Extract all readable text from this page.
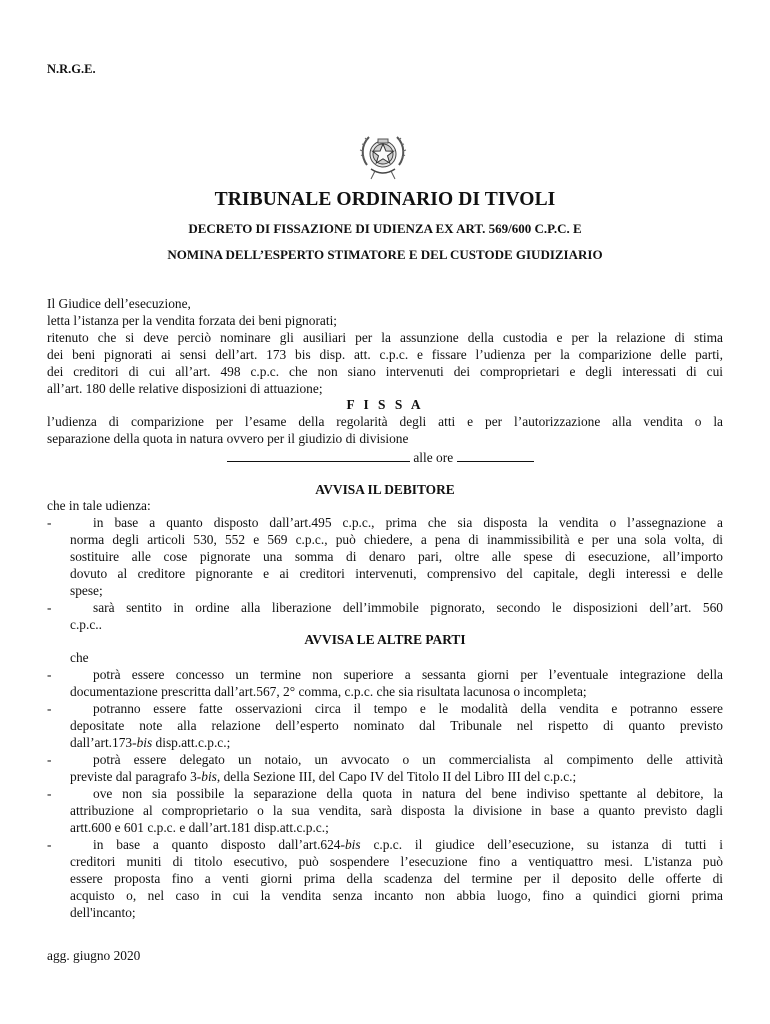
N.R.G.E.
TRIBUNALE ORDINARIO DI TIVOLI
DECRETO DI FISSAZIONE DI UDIENZA EX ART. 569/600 C.P.C. E
NOMINA DELL’ESPERTO STIMATORE E DEL CUSTODE GIUDIZIARIO
Il Giudice dell’esecuzione,
letta l’istanza per la vendita forzata dei beni pignorati;
ritenuto che si deve perciò nominare gli ausiliari per la assunzione della custodia e per la relazione di stima
dei beni pignorati ai sensi dell’art. 173 bis disp. att. c.p.c. e fissare l’udienza per la comparizione delle parti,
dei creditori di cui all’art. 498 c.p.c. che non siano intervenuti dei comproprietari e degli interessati di cui
all’art. 180 delle relative disposizioni di attuazione;
F I S S A
l’udienza di comparizione per l’esame della regolarità degli atti e per l’autorizzazione alla vendita o la
separazione della quota in natura ovvero per il giudizio di divisione
alle ore
AVVISA IL DEBITORE
che in tale udienza:
-	in base a quanto disposto dall’art.495 c.p.c., prima che sia disposta la vendita o l’assegnazione a
norma degli articoli 530, 552 e 569 c.p.c., può chiedere, a pena di inammissibilità e per una sola volta, di
sostituire alle cose pignorate una somma di denaro pari, oltre alle spese di esecuzione, all’importo
dovuto al creditore pignorante e ai creditori intervenuti, comprensivo del capitale, degli interessi e delle
spese;
-	sarà sentito in ordine alla liberazione dell’immobile pignorato, secondo le disposizioni dell’art. 560
c.p.c..
AVVISA LE ALTRE PARTI
che
-	potrà essere concesso un termine non superiore a sessanta giorni per l’eventuale integrazione della
documentazione prescritta dall’art.567, 2° comma, c.p.c. che sia risultata lacunosa o incompleta;
-	potranno essere fatte osservazioni circa il tempo e le modalità della vendita e potranno essere
depositate note alla relazione dell’esperto nominato dal Tribunale nel rispetto di quanto previsto
dall’art.173-bis disp.att.c.p.c.;
-	potrà essere delegato un notaio, un avvocato o un commercialista al compimento delle attività
previste dal paragrafo 3-bis, della Sezione III, del Capo IV del Titolo II del Libro III del c.p.c.;
-	ove non sia possibile la separazione della quota in natura del bene indiviso spettante al debitore, la
attribuzione al comproprietario o la sua vendita, sarà disposta la divisione in base a quanto previsto dagli
artt.600 e 601 c.p.c. e dall’art.181 disp.att.c.p.c.;
-	in base a quanto disposto dall’art.624-bis c.p.c. il giudice dell’esecuzione, su istanza di tutti i
creditori muniti di titolo esecutivo, può sospendere l’esecuzione fino a ventiquattro mesi. L'istanza può
essere proposta fino a venti giorni prima della scadenza del termine per il deposito delle offerte di
acquisto o, nel caso in cui la vendita senza incanto non abbia luogo, fino a quindici giorni prima
dell'incanto;
agg. giugno 2020
